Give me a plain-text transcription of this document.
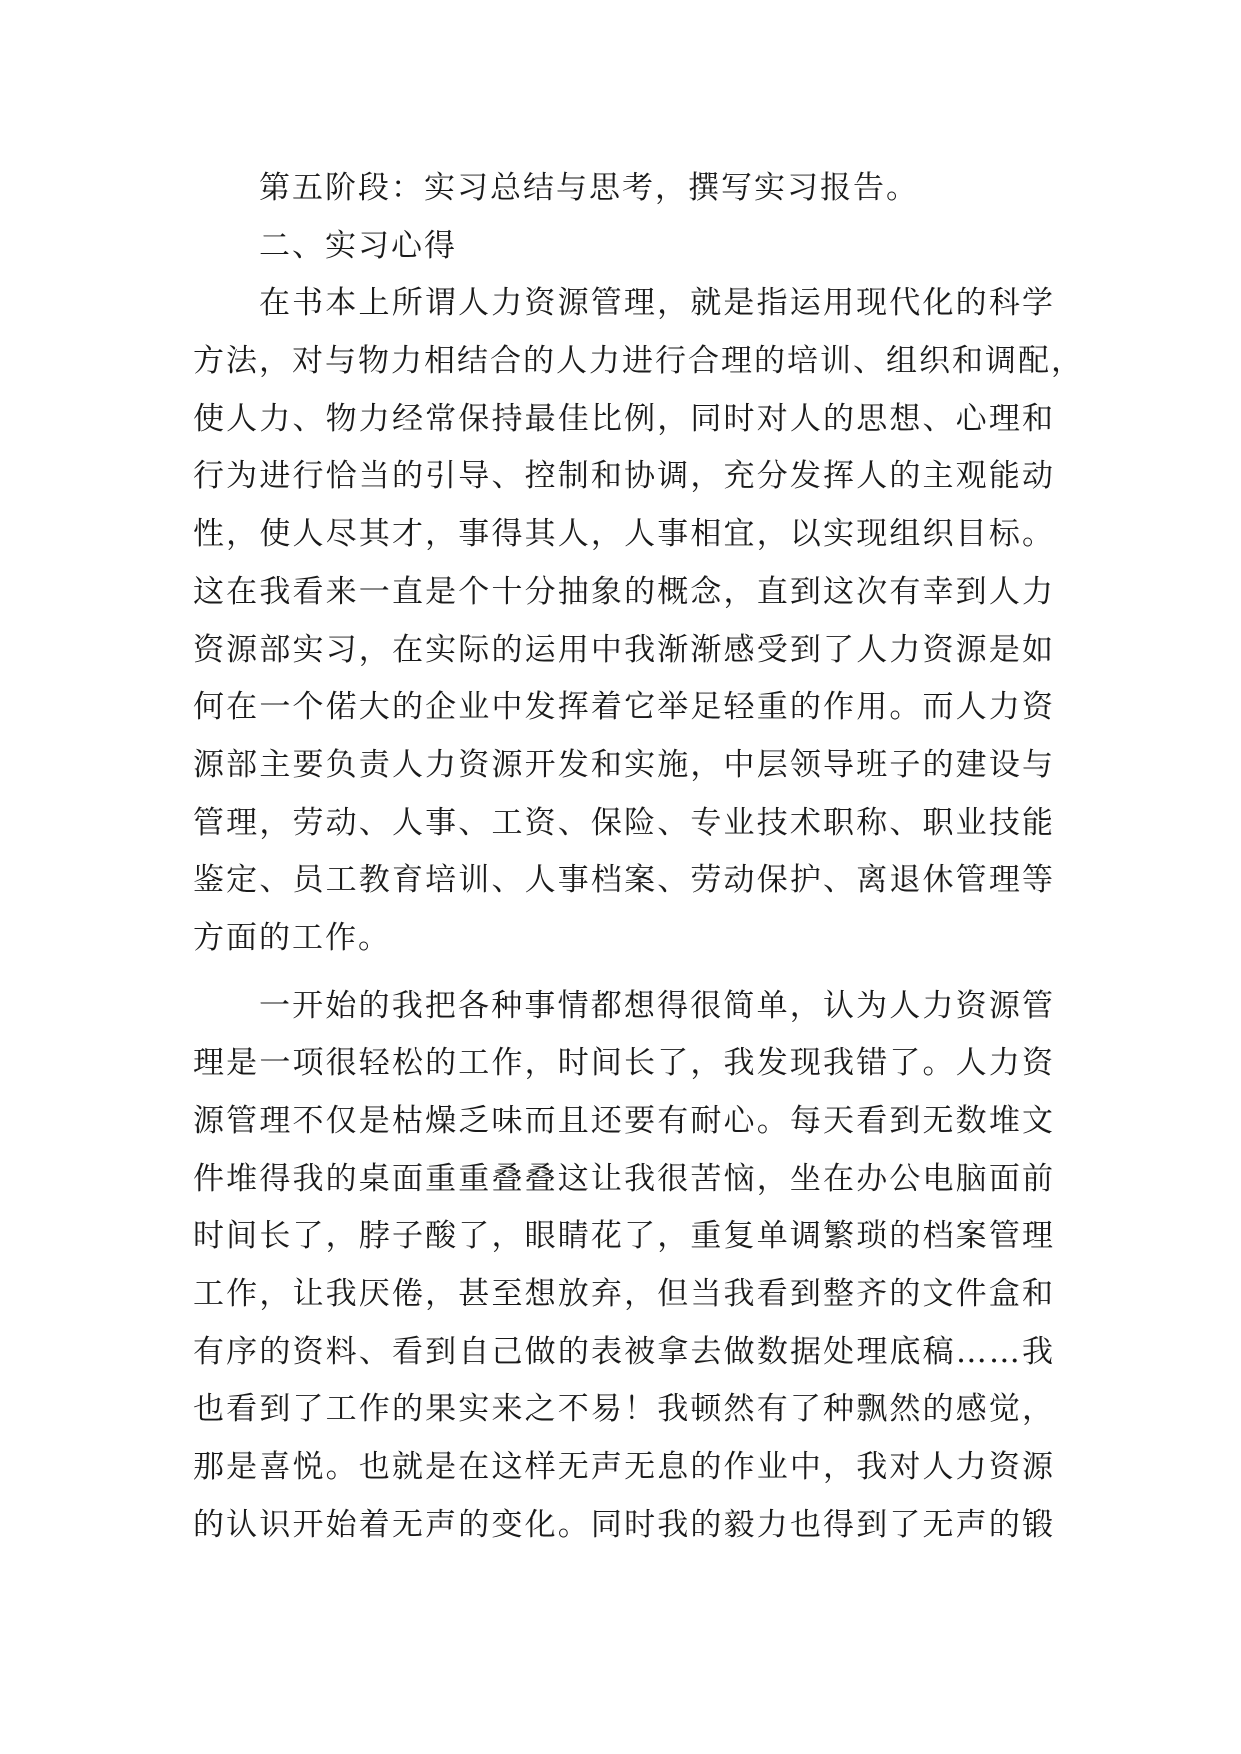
第五阶段：实习总结与思考，撰写实习报告。
二、实习心得
在书本上所谓人力资源管理，就是指运用现代化的科学
方法，对与物力相结合的人力进行合理的培训、组织和调配，
使人力、物力经常保持最佳比例，同时对人的思想、心理和
行为进行恰当的引导、控制和协调，充分发挥人的主观能动
性，使人尽其才，事得其人，人事相宜，以实现组织目标。
这在我看来一直是个十分抽象的概念，直到这次有幸到人力
资源部实习，在实际的运用中我渐渐感受到了人力资源是如
何在一个偌大的企业中发挥着它举足轻重的作用。而人力资
源部主要负责人力资源开发和实施，中层领导班子的建设与
管理，劳动、人事、工资、保险、专业技术职称、职业技能
鉴定、员工教育培训、人事档案、劳动保护、离退休管理等
方面的工作。
一开始的我把各种事情都想得很简单，认为人力资源管
理是一项很轻松的工作，时间长了，我发现我错了。人力资
源管理不仅是枯燥乏味而且还要有耐心。每天看到无数堆文
件堆得我的桌面重重叠叠这让我很苦恼，坐在办公电脑面前
时间长了，脖子酸了，眼睛花了，重复单调繁琐的档案管理
工作，让我厌倦，甚至想放弃，但当我看到整齐的文件盒和
有序的资料、看到自己做的表被拿去做数据处理底稿……我
也看到了工作的果实来之不易！我顿然有了种飘然的感觉，
那是喜悦。也就是在这样无声无息的作业中，我对人力资源
的认识开始着无声的变化。同时我的毅力也得到了无声的锻
